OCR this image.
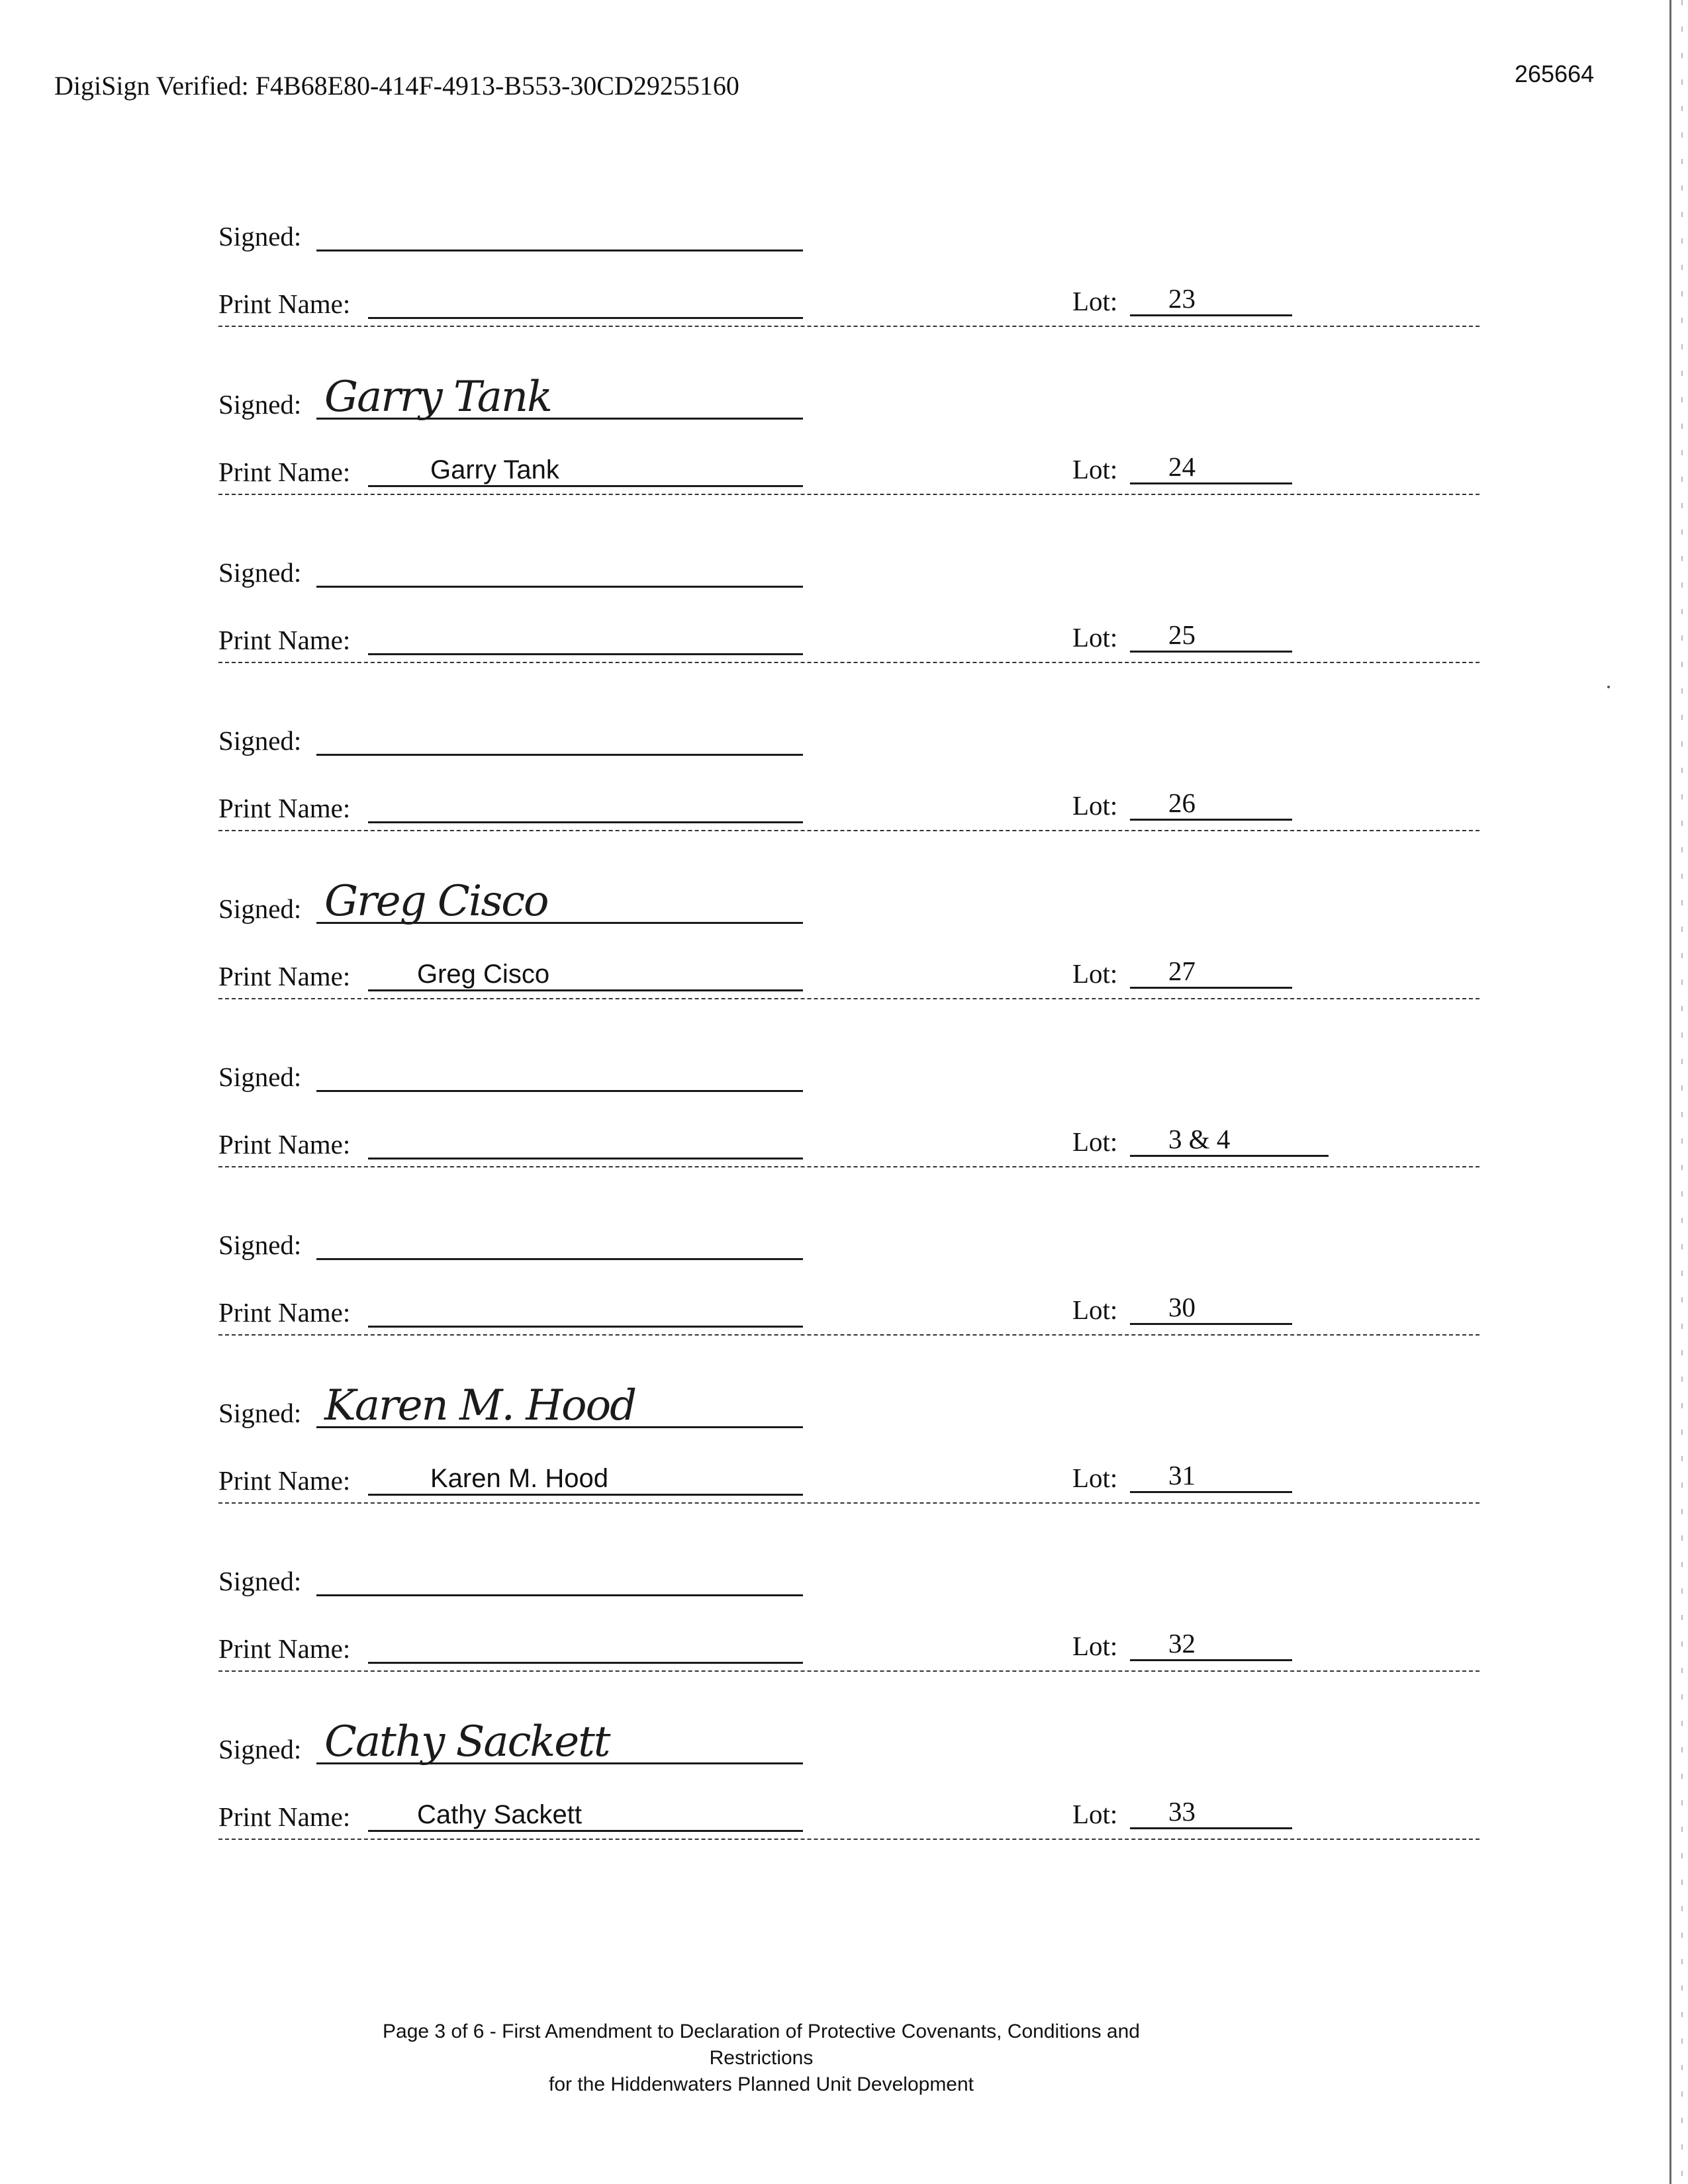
DigiSign Verified: F4B68E80-414F-4913-B553-30CD29255160	265664
Signed:
Print Name:	Lot: 23
Signed: Garry Tank
Print Name:	Garry Tank	Lot: 24
Signed:
Print Name:	Lot: 25
Signed:
Print Name:	Lot: 26
Signed: Greg Cisco
Print Name:	Greg Cisco	Lot: 27
Signed:
Print Name:	Lot: 3 & 4
Signed:
Print Name:	Lot: 30
Signed: Karen M. Hood
Print Name:	Karen M. Hood	Lot: 31
Signed:
Print Name:	Lot: 32
Signed: Cathy Sackett
Print Name:	Cathy Sackett	Lot: 33
Page 3 of 6 - First Amendment to Declaration of Protective Covenants, Conditions and Restrictions
for the Hiddenwaters Planned Unit Development
